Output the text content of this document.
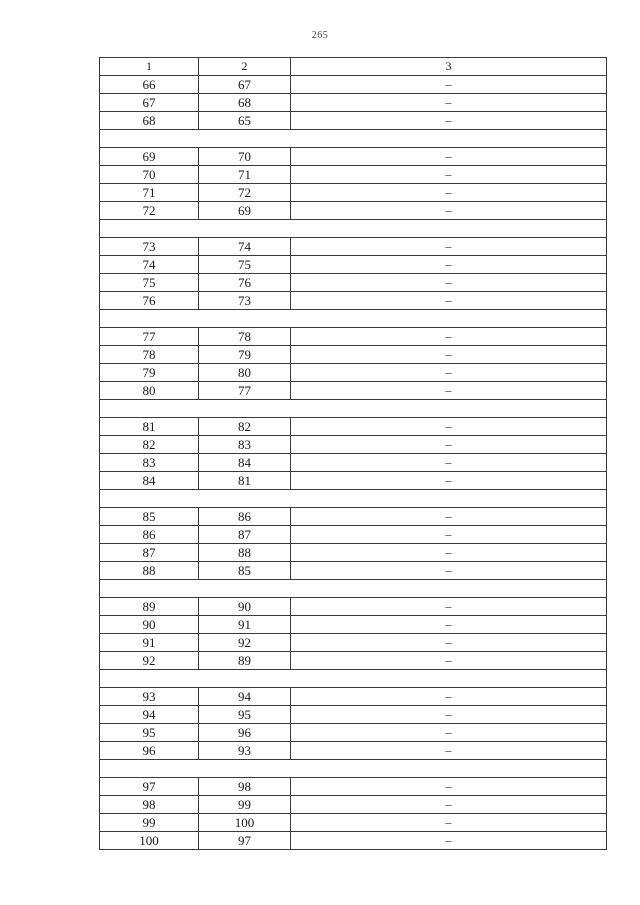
265
1	2	3
66	67	–
67	68	–
68	65	–

69	70	–
70	71	–
71	72	–
72	69	–

73	74	–
74	75	–
75	76	–
76	73	–

77	78	–
78	79	–
79	80	–
80	77	–

81	82	–
82	83	–
83	84	–
84	81	–

85	86	–
86	87	–
87	88	–
88	85	–

89	90	–
90	91	–
91	92	–
92	89	–

93	94	–
94	95	–
95	96	–
96	93	–

97	98	–
98	99	–
99	100	–
100	97	–
